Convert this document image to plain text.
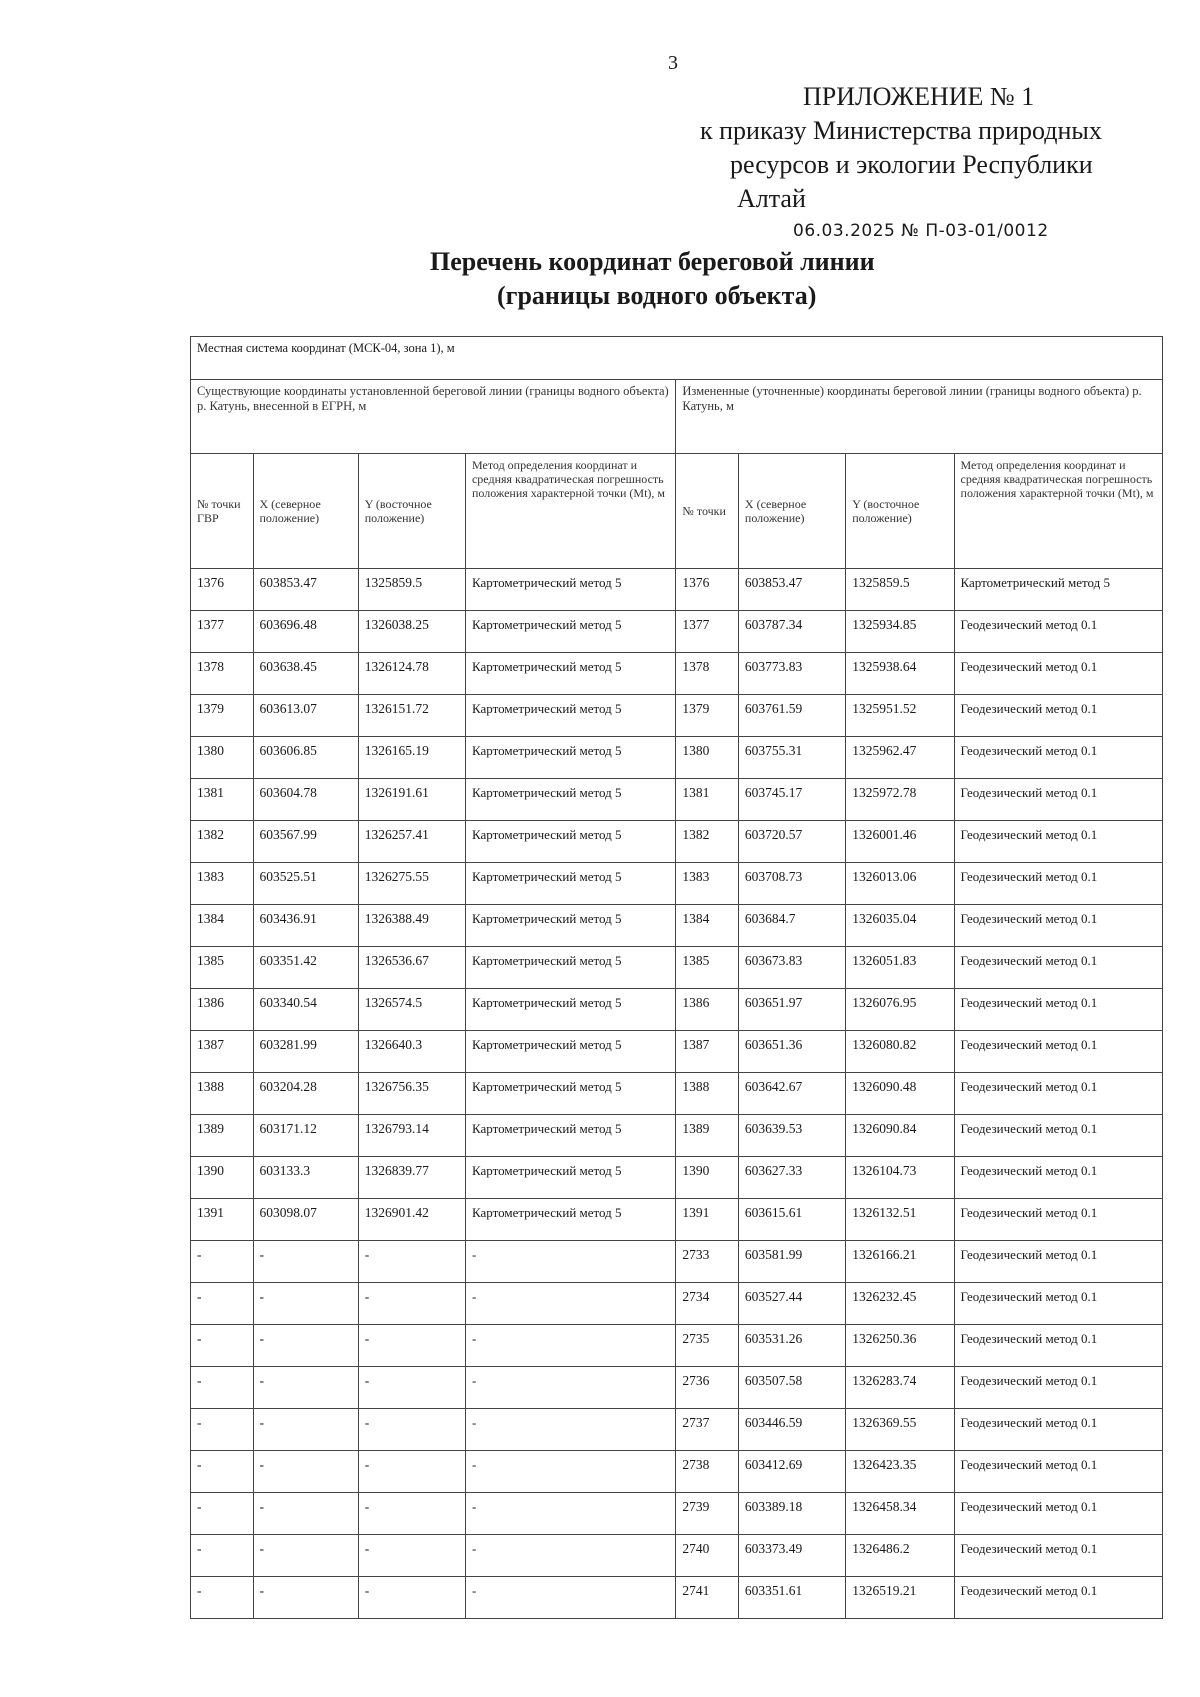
3
ПРИЛОЖЕНИЕ № 1
к приказу Министерства природных
ресурсов и экологии Республики
Алтай
06.03.2025 № П-03-01/0012
Перечень координат береговой линии
(границы водного объекта)
Местная система координат (МСК-04, зона 1), м							
Существующие координаты установленной береговой линии (границы водного объекта) р. Катунь, внесенной в ЕГРН, м				Измененные (уточненные) координаты береговой линии (границы водного объекта) р. Катунь, м			
№ точки ГВР	X (северное положение)	Y (восточное положение)	Метод определения координат и средняя квадратическая погрешность положения характерной точки (Mt), м	№ точки	X (северное положение)	Y (восточное положение)	Метод определения координат и средняя квадратическая погрешность положения характерной точки (Mt), м
1376	603853.47	1325859.5	Картометрический метод 5	1376	603853.47	1325859.5	Картометрический метод 5
1377	603696.48	1326038.25	Картометрический метод 5	1377	603787.34	1325934.85	Геодезический метод 0.1
1378	603638.45	1326124.78	Картометрический метод 5	1378	603773.83	1325938.64	Геодезический метод 0.1
1379	603613.07	1326151.72	Картометрический метод 5	1379	603761.59	1325951.52	Геодезический метод 0.1
1380	603606.85	1326165.19	Картометрический метод 5	1380	603755.31	1325962.47	Геодезический метод 0.1
1381	603604.78	1326191.61	Картометрический метод 5	1381	603745.17	1325972.78	Геодезический метод 0.1
1382	603567.99	1326257.41	Картометрический метод 5	1382	603720.57	1326001.46	Геодезический метод 0.1
1383	603525.51	1326275.55	Картометрический метод 5	1383	603708.73	1326013.06	Геодезический метод 0.1
1384	603436.91	1326388.49	Картометрический метод 5	1384	603684.7	1326035.04	Геодезический метод 0.1
1385	603351.42	1326536.67	Картометрический метод 5	1385	603673.83	1326051.83	Геодезический метод 0.1
1386	603340.54	1326574.5	Картометрический метод 5	1386	603651.97	1326076.95	Геодезический метод 0.1
1387	603281.99	1326640.3	Картометрический метод 5	1387	603651.36	1326080.82	Геодезический метод 0.1
1388	603204.28	1326756.35	Картометрический метод 5	1388	603642.67	1326090.48	Геодезический метод 0.1
1389	603171.12	1326793.14	Картометрический метод 5	1389	603639.53	1326090.84	Геодезический метод 0.1
1390	603133.3	1326839.77	Картометрический метод 5	1390	603627.33	1326104.73	Геодезический метод 0.1
1391	603098.07	1326901.42	Картометрический метод 5	1391	603615.61	1326132.51	Геодезический метод 0.1
-	-	-	-	2733	603581.99	1326166.21	Геодезический метод 0.1
-	-	-	-	2734	603527.44	1326232.45	Геодезический метод 0.1
-	-	-	-	2735	603531.26	1326250.36	Геодезический метод 0.1
-	-	-	-	2736	603507.58	1326283.74	Геодезический метод 0.1
-	-	-	-	2737	603446.59	1326369.55	Геодезический метод 0.1
-	-	-	-	2738	603412.69	1326423.35	Геодезический метод 0.1
-	-	-	-	2739	603389.18	1326458.34	Геодезический метод 0.1
-	-	-	-	2740	603373.49	1326486.2	Геодезический метод 0.1
-	-	-	-	2741	603351.61	1326519.21	Геодезический метод 0.1
